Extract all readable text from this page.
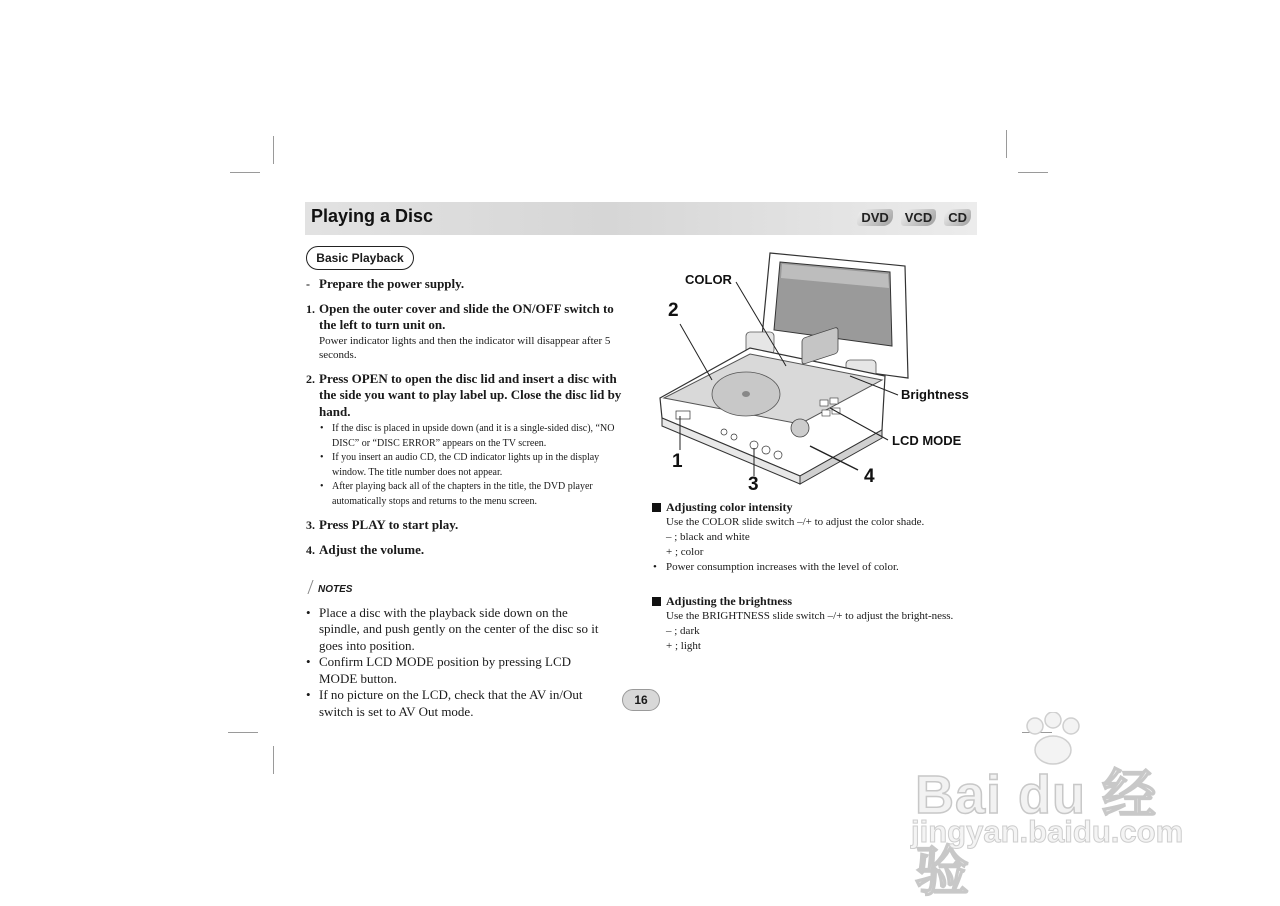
Playing a Disc	DVD	VCD	CD
Basic Playback
- Prepare the power supply.
1. Open the outer cover and slide the ON/OFF switch to the left to turn unit on.
Power indicator lights and then the indicator will disappear after 5 seconds.
2. Press OPEN to open the disc lid and insert a disc with the side you want to play label up. Close the disc lid by hand.
• If the disc is placed in upside down (and it is a single-sided disc), “NO DISC” or “DISC ERROR” appears on the TV screen.
• If you insert an audio CD, the CD indicator lights up in the display window. The title number does not appear.
• After playing back all of the chapters in the title, the DVD player automatically stops and returns to the menu screen.
3. Press PLAY to start play.
4. Adjust the volume.
NOTES
• Place a disc with the playback side down on the spindle, and push gently on the center of the disc so it goes into position.
• Confirm LCD MODE position by pressing LCD MODE button.
• If no picture on the LCD, check that the AV in/Out switch is set to AV Out mode.
COLOR
2
Brightness
LCD MODE
1
4
3
Adjusting color intensity
Use the COLOR slide switch –/+ to adjust the color shade.
– ; black and white
+ ; color
• Power consumption increases with the level of color.
Adjusting the brightness
Use the BRIGHTNESS slide switch –/+ to adjust the bright-ness.
– ; dark
+ ; light
16
Bai du 经验
jingyan.baidu.com
